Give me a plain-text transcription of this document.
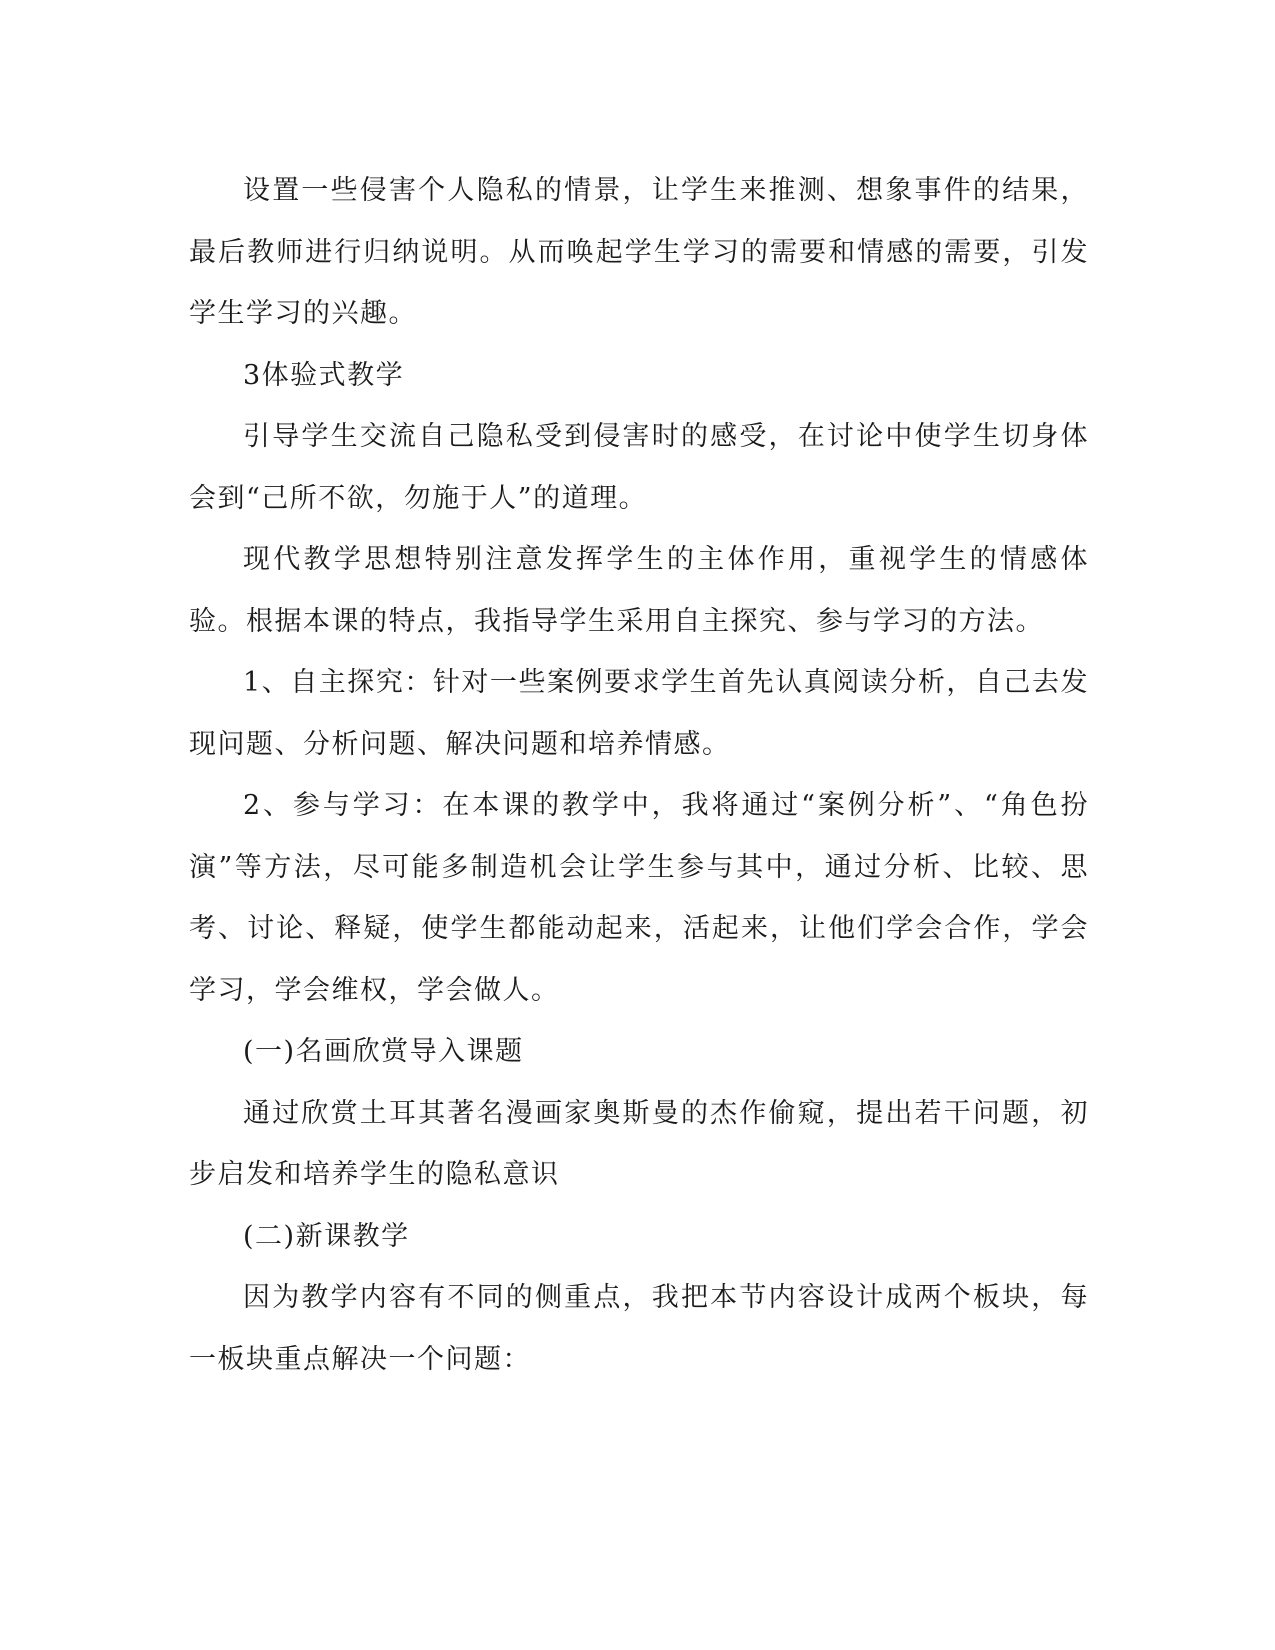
设置一些侵害个人隐私的情景，让学生来推测、想象事件的结果，最后教师进行归纳说明。从而唤起学生学习的需要和情感的需要，引发学生学习的兴趣。

3体验式教学

引导学生交流自己隐私受到侵害时的感受，在讨论中使学生切身体会到“己所不欲，勿施于人”的道理。

现代教学思想特别注意发挥学生的主体作用，重视学生的情感体验。根据本课的特点，我指导学生采用自主探究、参与学习的方法。

1、自主探究：针对一些案例要求学生首先认真阅读分析，自己去发现问题、分析问题、解决问题和培养情感。

2、参与学习：在本课的教学中，我将通过“案例分析”、“角色扮演”等方法，尽可能多制造机会让学生参与其中，通过分析、比较、思考、讨论、释疑，使学生都能动起来，活起来，让他们学会合作，学会学习，学会维权，学会做人。

(一)名画欣赏导入课题

通过欣赏土耳其著名漫画家奥斯曼的杰作偷窥，提出若干问题，初步启发和培养学生的隐私意识

(二)新课教学

因为教学内容有不同的侧重点，我把本节内容设计成两个板块，每一板块重点解决一个问题：
